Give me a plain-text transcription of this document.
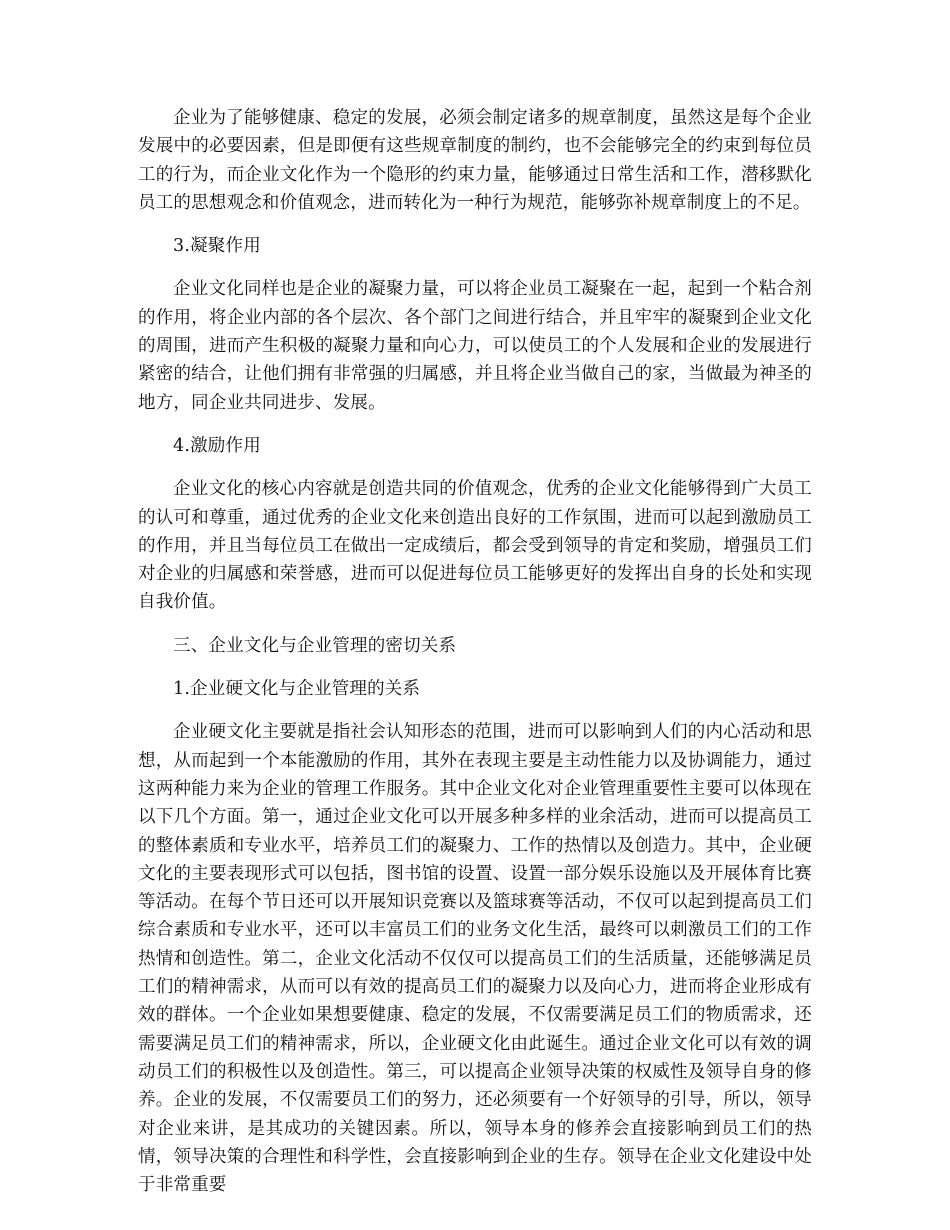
企业为了能够健康、稳定的发展，必须会制定诸多的规章制度，虽然这是每个企业发展中的必要因素，但是即便有这些规章制度的制约，也不会能够完全的约束到每位员工的行为，而企业文化作为一个隐形的约束力量，能够通过日常生活和工作，潜移默化员工的思想观念和价值观念，进而转化为一种行为规范，能够弥补规章制度上的不足。

3.凝聚作用

企业文化同样也是企业的凝聚力量，可以将企业员工凝聚在一起，起到一个粘合剂的作用，将企业内部的各个层次、各个部门之间进行结合，并且牢牢的凝聚到企业文化的周围，进而产生积极的凝聚力量和向心力，可以使员工的个人发展和企业的发展进行紧密的结合，让他们拥有非常强的归属感，并且将企业当做自己的家，当做最为神圣的地方，同企业共同进步、发展。

4.激励作用

企业文化的核心内容就是创造共同的价值观念，优秀的企业文化能够得到广大员工的认可和尊重，通过优秀的企业文化来创造出良好的工作氛围，进而可以起到激励员工的作用，并且当每位员工在做出一定成绩后，都会受到领导的肯定和奖励，增强员工们对企业的归属感和荣誉感，进而可以促进每位员工能够更好的发挥出自身的长处和实现自我价值。

三、企业文化与企业管理的密切关系

1.企业硬文化与企业管理的关系

企业硬文化主要就是指社会认知形态的范围，进而可以影响到人们的内心活动和思想，从而起到一个本能激励的作用，其外在表现主要是主动性能力以及协调能力，通过这两种能力来为企业的管理工作服务。其中企业文化对企业管理重要性主要可以体现在以下几个方面。第一，通过企业文化可以开展多种多样的业余活动，进而可以提高员工的整体素质和专业水平，培养员工们的凝聚力、工作的热情以及创造力。其中，企业硬文化的主要表现形式可以包括，图书馆的设置、设置一部分娱乐设施以及开展体育比赛等活动。在每个节日还可以开展知识竞赛以及篮球赛等活动，不仅可以起到提高员工们综合素质和专业水平，还可以丰富员工们的业务文化生活，最终可以刺激员工们的工作热情和创造性。第二，企业文化活动不仅仅可以提高员工们的生活质量，还能够满足员工们的精神需求，从而可以有效的提高员工们的凝聚力以及向心力，进而将企业形成有效的群体。一个企业如果想要健康、稳定的发展，不仅需要满足员工们的物质需求，还需要满足员工们的精神需求，所以，企业硬文化由此诞生。通过企业文化可以有效的调动员工们的积极性以及创造性。第三，可以提高企业领导决策的权威性及领导自身的修养。企业的发展，不仅需要员工们的努力，还必须要有一个好领导的引导，所以，领导对企业来讲，是其成功的关键因素。所以，领导本身的修养会直接影响到员工们的热情，领导决策的合理性和科学性，会直接影响到企业的生存。领导在企业文化建设中处于非常重要
